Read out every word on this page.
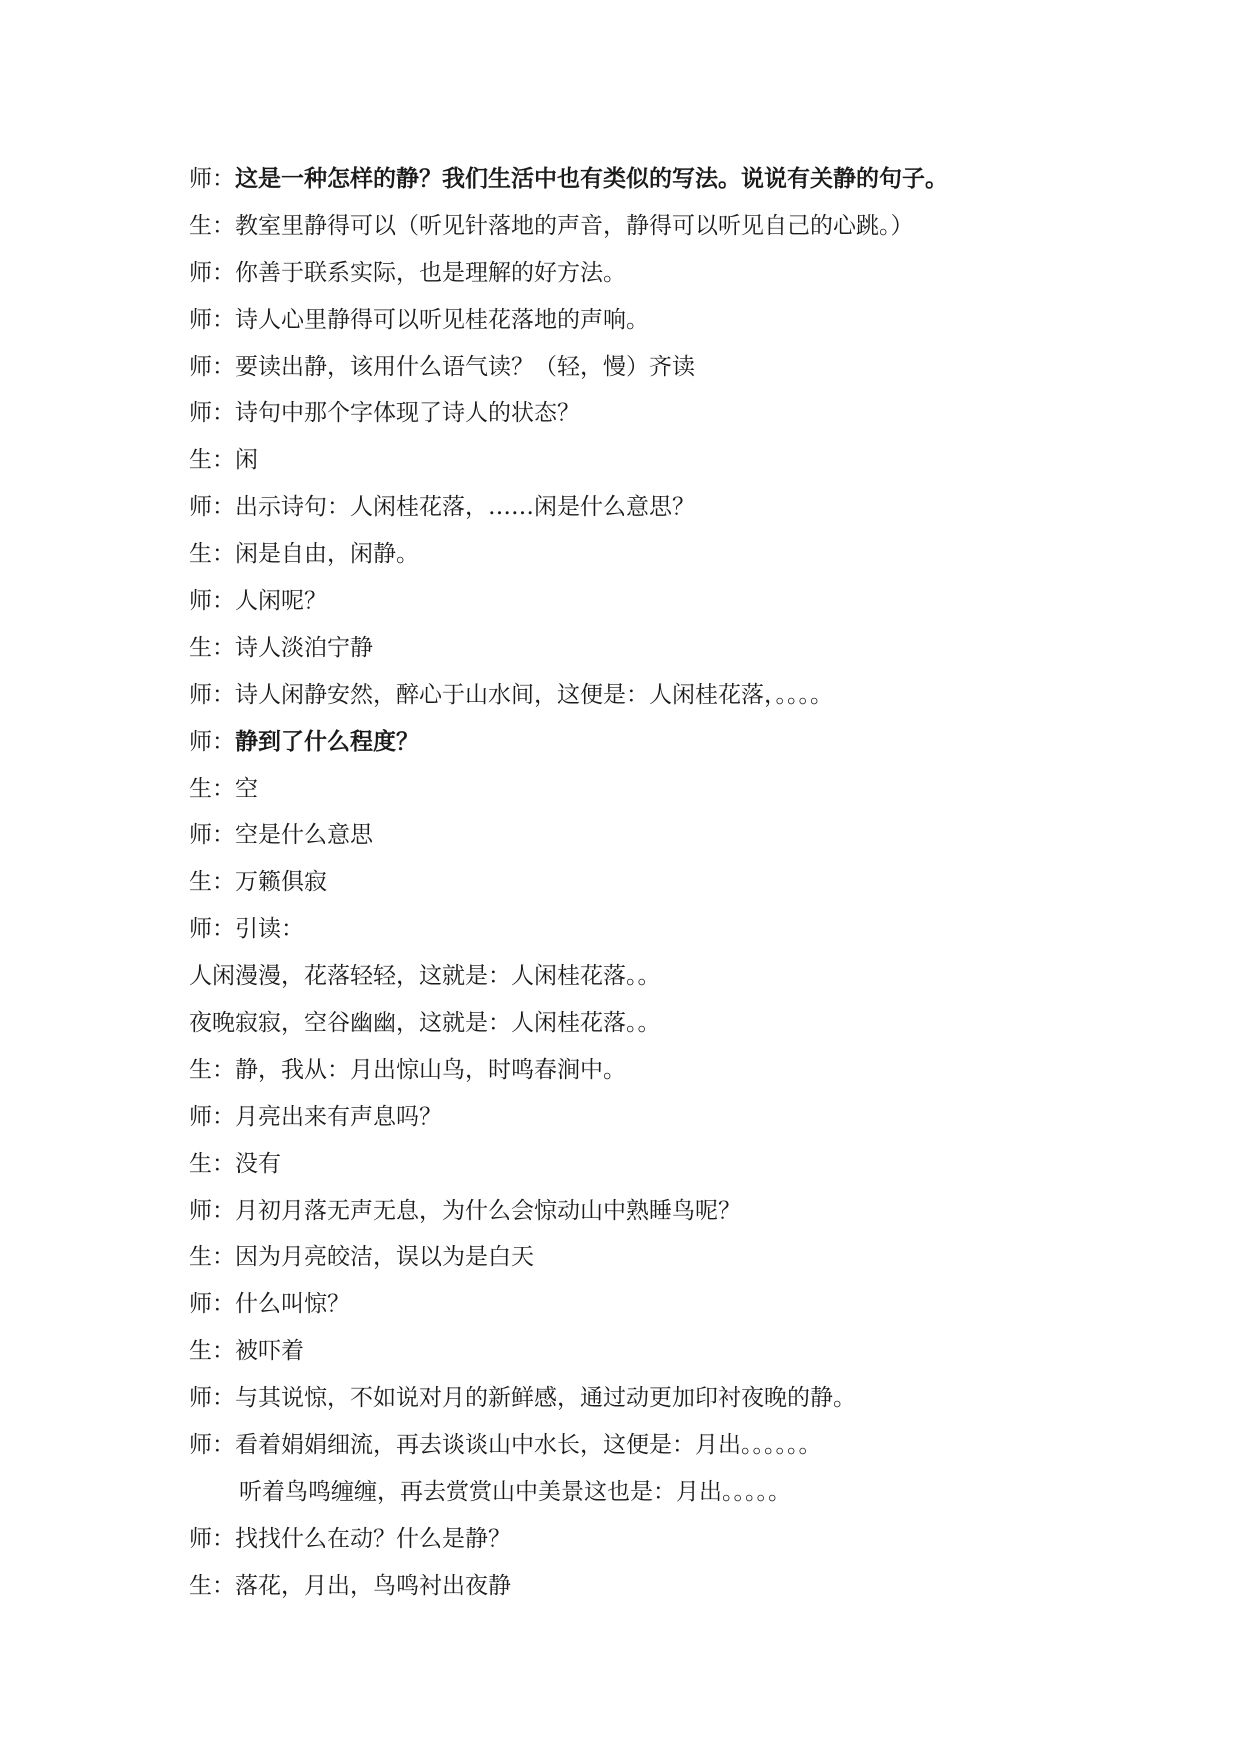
师：这是一种怎样的静？我们生活中也有类似的写法。说说有关静的句子。
生：教室里静得可以（听见针落地的声音，静得可以听见自己的心跳。）
师：你善于联系实际，也是理解的好方法。
师：诗人心里静得可以听见桂花落地的声响。
师：要读出静，该用什么语气读？（轻，慢）齐读
师：诗句中那个字体现了诗人的状态？
生：闲
师：出示诗句：人闲桂花落，……闲是什么意思？
生：闲是自由，闲静。
师：人闲呢？
生：诗人淡泊宁静
师：诗人闲静安然，醉心于山水间，这便是：人闲桂花落，。。。。
师：静到了什么程度？
生：空
师：空是什么意思
生：万籁俱寂
师：引读：
人闲漫漫，花落轻轻，这就是：人闲桂花落。。
夜晚寂寂，空谷幽幽，这就是：人闲桂花落。。
生：静，我从：月出惊山鸟，时鸣春涧中。
师：月亮出来有声息吗？
生：没有
师：月初月落无声无息，为什么会惊动山中熟睡鸟呢？
生：因为月亮皎洁，误以为是白天
师：什么叫惊？
生：被吓着
师：与其说惊，不如说对月的新鲜感，通过动更加印衬夜晚的静。
师：看着娟娟细流，再去谈谈山中水长，这便是：月出。。。。。。
听着鸟鸣缠缠，再去赏赏山中美景这也是：月出。。。。。
师：找找什么在动？什么是静？
生：落花，月出，鸟鸣衬出夜静
